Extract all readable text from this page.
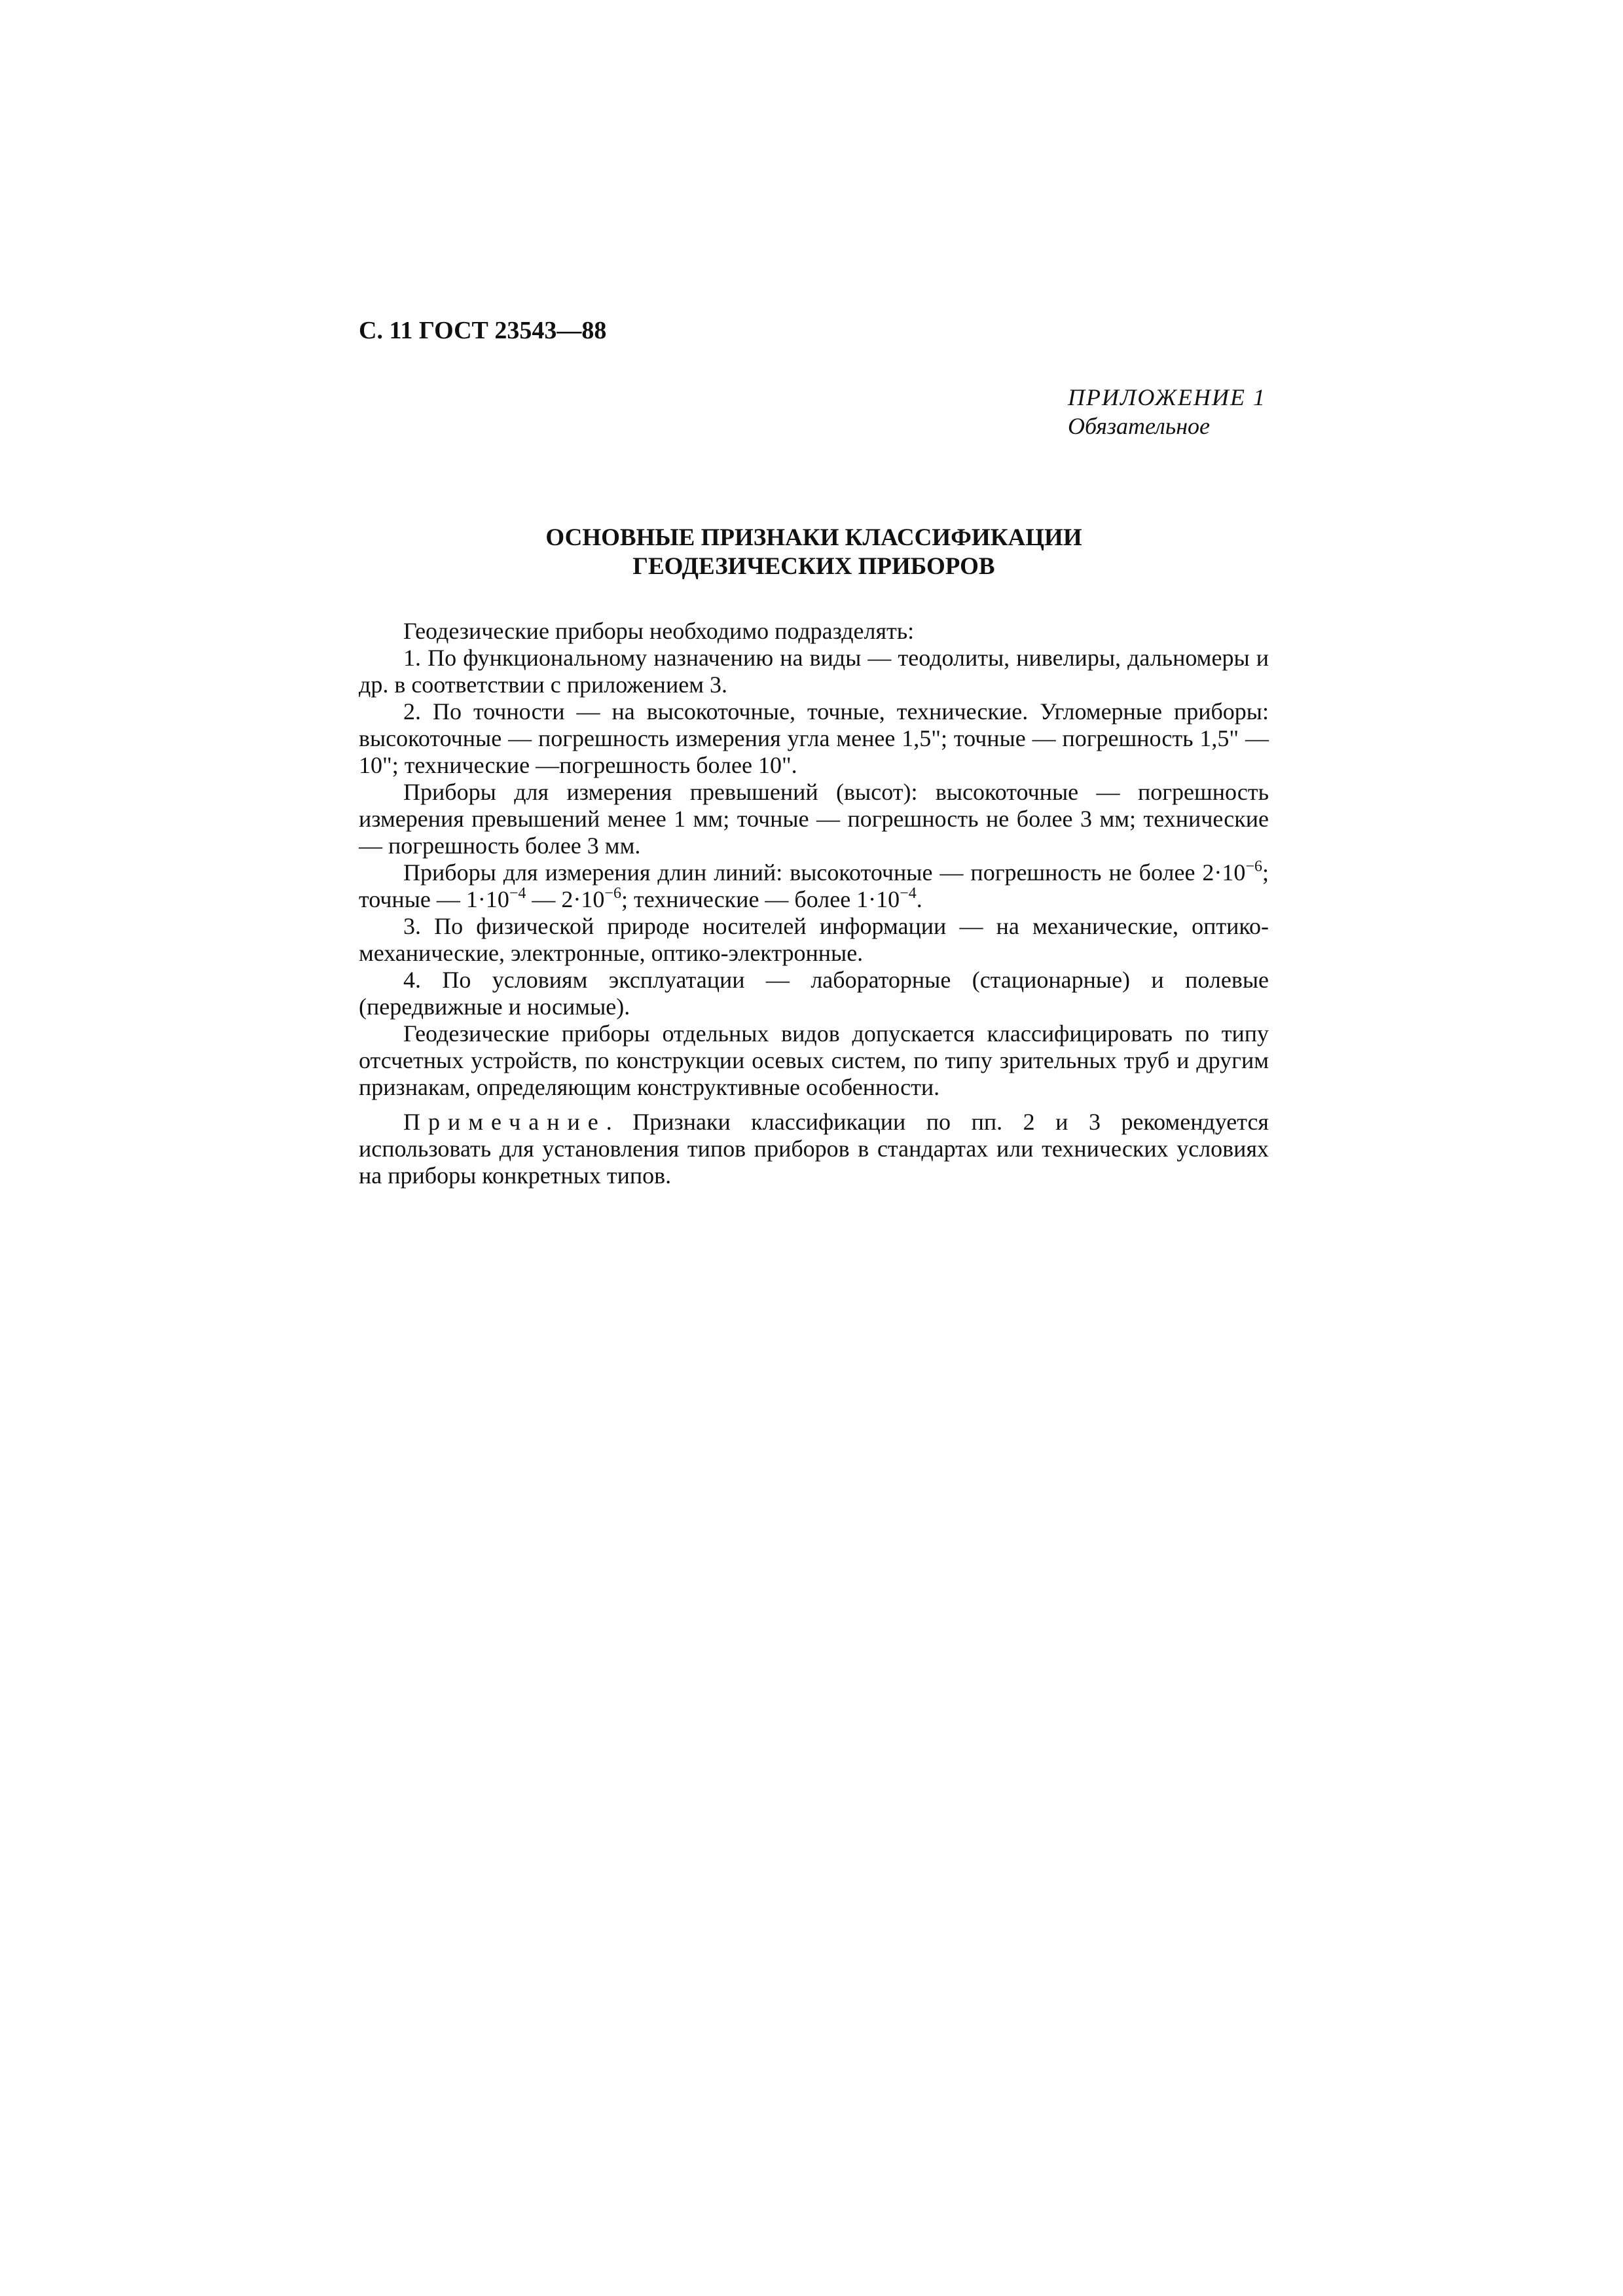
С. 11 ГОСТ 23543—88
ПРИЛОЖЕНИЕ 1
Обязательное
ОСНОВНЫЕ ПРИЗНАКИ КЛАССИФИКАЦИИ
ГЕОДЕЗИЧЕСКИХ ПРИБОРОВ

Геодезические приборы необходимо подразделять:

1. По функциональному назначению на виды — теодолиты, нивелиры, дальномеры и др. в соответствии с приложением 3.

2. По точности — на высокоточные, точные, технические. Угломерные приборы: высокоточные — погрешность измерения угла менее 1,5"; точные — погрешность 1,5" — 10"; технические —погрешность более 10".

Приборы для измерения превышений (высот): высокоточные — погрешность измерения превышений менее 1 мм; точные — погрешность не более 3 мм; технические — погрешность более 3 мм.

Приборы для измерения длин линий: высокоточные — погрешность не более $2\cdot 10^{-6}$; точные — $1\cdot 10^{-4}$ — $2\cdot 10^{-6}$; технические — более $1\cdot 10^{-4}$.

3. По физической природе носителей информации — на механические, оптико-механические, электронные, оптико-электронные.

4. По условиям эксплуатации — лабораторные (стационарные) и полевые (передвижные и носимые).

Геодезические приборы отдельных видов допускается классифицировать по типу отсчетных устройств, по конструкции осевых систем, по типу зрительных труб и другим признакам, определяющим конструктивные особенности.

Примечание. Признаки классификации по пп. 2 и 3 рекомендуется использовать для установления типов приборов в стандартах или технических условиях на приборы конкретных типов.
